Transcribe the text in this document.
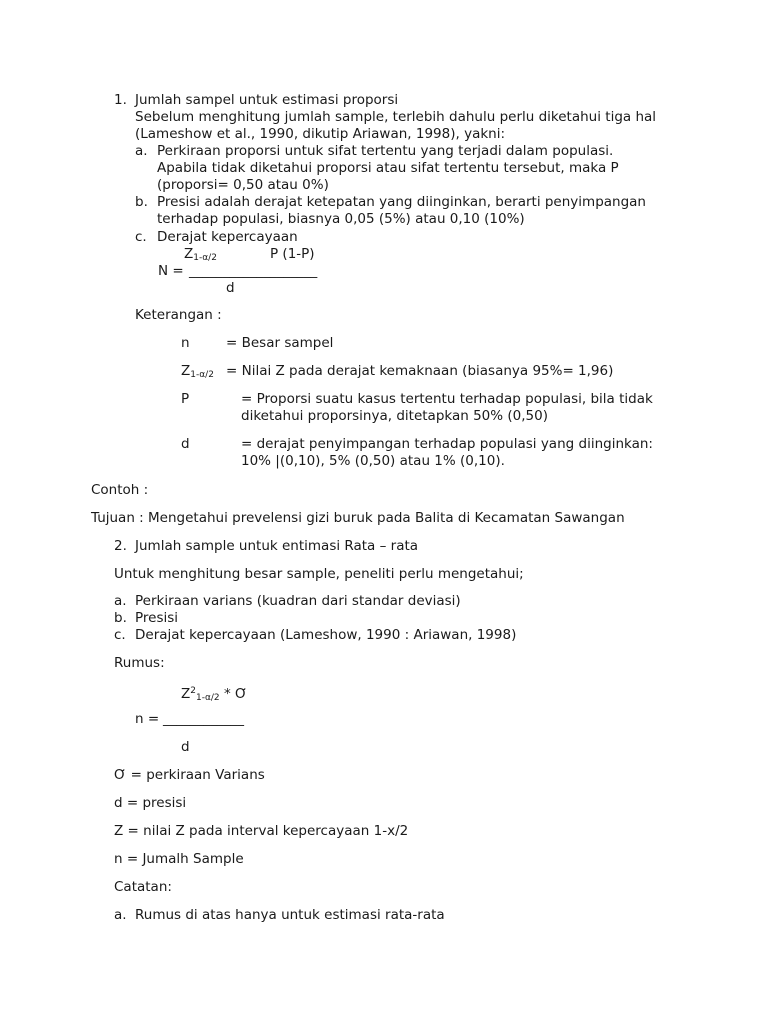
1. Jumlah sampel untuk estimasi proporsi
Sebelum menghitung jumlah sample, terlebih dahulu perlu diketahui tiga hal
(Lameshow et al., 1990, dikutip Ariawan, 1998), yakni:
a. Perkiraan proporsi untuk sifat tertentu yang terjadi dalam populasi.
Apabila tidak diketahui proporsi atau sifat tertentu tersebut, maka P
(proporsi= 0,50 atau 0%)
b. Presisi adalah derajat ketepatan yang diinginkan, berarti penyimpangan
terhadap populasi, biasnya 0,05 (5%) atau 0,10 (10%)
c. Derajat kepercayaan
$Z_{1-\alpha/2}$	P (1-P)
N = ___________________
d
Keterangan :
n	= Besar sampel
$Z_{1-\alpha/2}$ = Nilai Z pada derajat kemaknaan (biasanya 95%= 1,96)
P	= Proporsi suatu kasus tertentu terhadap populasi, bila tidak
diketahui proporsinya, ditetapkan 50% (0,50)
d	= derajat penyimpangan terhadap populasi yang diinginkan:
10% |(0,10), 5% (0,50) atau 1% (0,10).
Contoh :
Tujuan : Mengetahui prevelensi gizi buruk pada Balita di Kecamatan Sawangan
2. Jumlah sample untuk entimasi Rata – rata
Untuk menghitung besar sample, peneliti perlu mengetahui;
a. Perkiraan varians (kuadran dari standar deviasi)
b. Presisi
c. Derajat kepercayaan (Lameshow, 1990 : Ariawan, 1998)
Rumus:
$Z^2_{1-\alpha/2}$ * Ơ
n = ____________
d
Ơ = perkiraan Varians
d = presisi
Z = nilai Z pada interval kepercayaan 1-x/2
n = Jumalh Sample
Catatan:
a. Rumus di atas hanya untuk estimasi rata-rata
